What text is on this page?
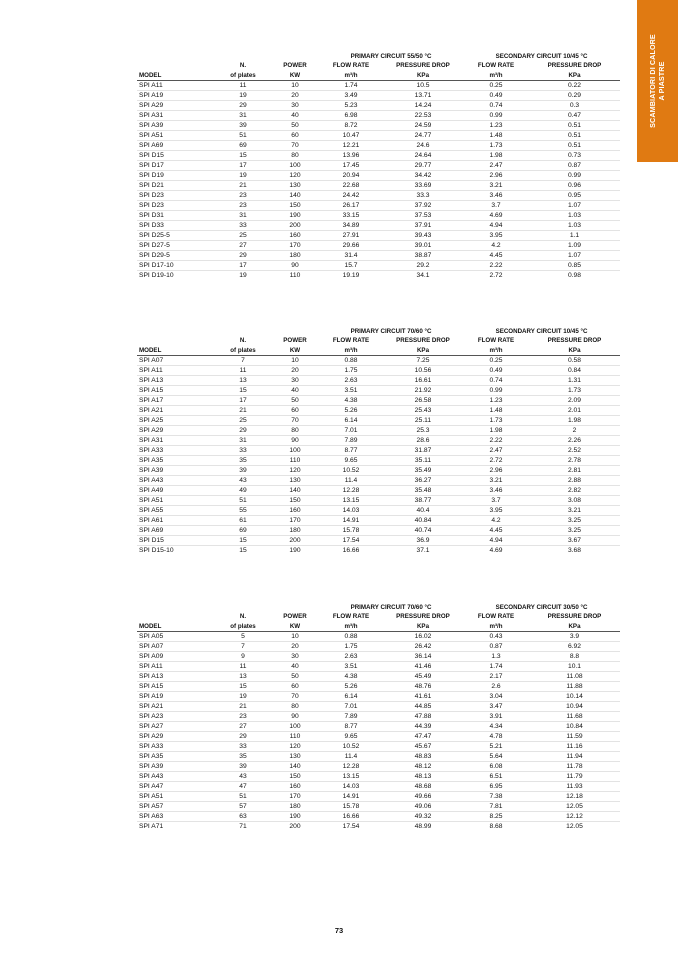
SCAMBIATORI DI CALORE A PIASTRE
			PRIMARY CIRCUIT 55/50 °C		SECONDARY CIRCUIT 10/45 °C	
	N.	POWER	FLOW RATE	PRESSURE DROP	FLOW RATE	PRESSURE DROP
MODEL	of plates	KW	m³/h	KPa	m³/h	KPa
SPI A11	11	10	1.74	10.5	0.25	0.22
SPI A19	19	20	3.49	13.71	0.49	0.29
SPI A29	29	30	5.23	14.24	0.74	0.3
SPI A31	31	40	6.98	22.53	0.99	0.47
SPI A39	39	50	8.72	24.59	1.23	0.51
SPI A51	51	60	10.47	24.77	1.48	0.51
SPI A69	69	70	12.21	24.6	1.73	0.51
SPI D15	15	80	13.96	24.64	1.98	0.73
SPI D17	17	100	17.45	29.77	2.47	0.87
SPI D19	19	120	20.94	34.42	2.96	0.99
SPI D21	21	130	22.68	33.69	3.21	0.96
SPI D23	23	140	24.42	33.3	3.46	0.95
SPI D23	23	150	26.17	37.92	3.7	1.07
SPI D31	31	190	33.15	37.53	4.69	1.03
SPI D33	33	200	34.89	37.91	4.94	1.03
SPI D25-5	25	160	27.91	39.43	3.95	1.1
SPI D27-5	27	170	29.66	39.01	4.2	1.09
SPI D29-5	29	180	31.4	38.87	4.45	1.07
SPI D17-10	17	90	15.7	29.2	2.22	0.85
SPI D19-10	19	110	19.19	34.1	2.72	0.98
			PRIMARY CIRCUIT 70/60 °C		SECONDARY CIRCUIT 10/45 °C	
	N.	POWER	FLOW RATE	PRESSURE DROP	FLOW RATE	PRESSURE DROP
MODEL	of plates	KW	m³/h	KPa	m³/h	KPa
SPI A07	7	10	0.88	7.25	0.25	0.58
SPI A11	11	20	1.75	10.56	0.49	0.84
SPI A13	13	30	2.63	16.61	0.74	1.31
SPI A15	15	40	3.51	21.92	0.99	1.73
SPI A17	17	50	4.38	26.58	1.23	2.09
SPI A21	21	60	5.26	25.43	1.48	2.01
SPI A25	25	70	6.14	25.11	1.73	1.98
SPI A29	29	80	7.01	25.3	1.98	2
SPI A31	31	90	7.89	28.6	2.22	2.26
SPI A33	33	100	8.77	31.87	2.47	2.52
SPI A35	35	110	9.65	35.11	2.72	2.78
SPI A39	39	120	10.52	35.49	2.96	2.81
SPI A43	43	130	11.4	36.27	3.21	2.88
SPI A49	49	140	12.28	35.48	3.46	2.82
SPI A51	51	150	13.15	38.77	3.7	3.08
SPI A55	55	160	14.03	40.4	3.95	3.21
SPI A61	61	170	14.91	40.84	4.2	3.25
SPI A69	69	180	15.78	40.74	4.45	3.25
SPI D15	15	200	17.54	36.9	4.94	3.67
SPI D15-10	15	190	16.66	37.1	4.69	3.68
			PRIMARY CIRCUIT 70/60 °C		SECONDARY CIRCUIT 30/50 °C	
	N.	POWER	FLOW RATE	PRESSURE DROP	FLOW RATE	PRESSURE DROP
MODEL	of plates	KW	m³/h	KPa	m³/h	KPa
SPI A05	5	10	0.88	16.02	0.43	3.9
SPI A07	7	20	1.75	26.42	0.87	6.92
SPI A09	9	30	2.63	36.14	1.3	8.8
SPI A11	11	40	3.51	41.46	1.74	10.1
SPI A13	13	50	4.38	45.49	2.17	11.08
SPI A15	15	60	5.26	48.76	2.6	11.88
SPI A19	19	70	6.14	41.61	3.04	10.14
SPI A21	21	80	7.01	44.85	3.47	10.94
SPI A23	23	90	7.89	47.88	3.91	11.68
SPI A27	27	100	8.77	44.39	4.34	10.84
SPI A29	29	110	9.65	47.47	4.78	11.59
SPI A33	33	120	10.52	45.67	5.21	11.16
SPI A35	35	130	11.4	48.83	5.64	11.94
SPI A39	39	140	12.28	48.12	6.08	11.78
SPI A43	43	150	13.15	48.13	6.51	11.79
SPI A47	47	160	14.03	48.68	6.95	11.93
SPI A51	51	170	14.91	49.66	7.38	12.18
SPI A57	57	180	15.78	49.06	7.81	12.05
SPI A63	63	190	16.66	49.32	8.25	12.12
SPI A71	71	200	17.54	48.99	8.68	12.05
73
